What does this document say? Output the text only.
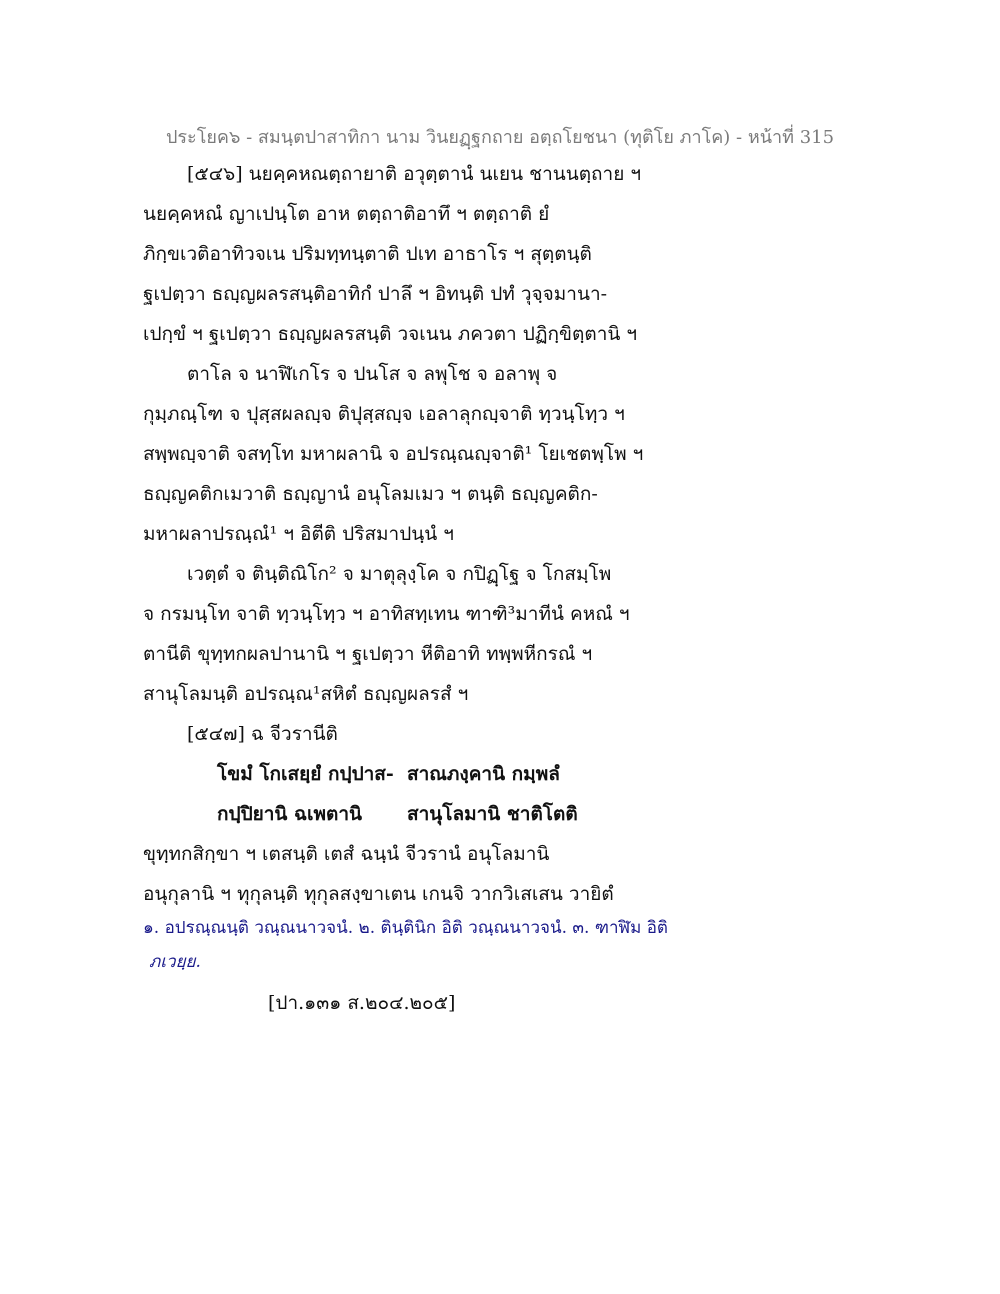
ประโยค๖ - สมนฺตปาสาทิกา นาม วินยฏฺฐกถาย อตฺถโยชนา (ทุติโย ภาโค) - หน้าที่ 315
[๕๔๖] นยคฺคหณตฺถายาติ อวุตฺตานํ นเยน ชานนตฺถาย ฯ
นยคฺคหณํ ญาเปนฺโต อาห ตตฺถาติอาทึ ฯ ตตฺถาติ ยํ
ภิกฺขเวติอาทิวจเน ปริมทฺทนฺตาติ ปเท อาธาโร ฯ สุตฺตนฺติ
ฐเปตฺวา ธญฺญผลรสนฺติอาทิกํ ปาลึ ฯ อิทนฺติ ปทํ วุจฺจมานา-
เปกฺขํ ฯ ฐเปตฺวา ธญฺญผลรสนฺติ วจเนน ภควตา ปฏิกฺขิตฺตานิ ฯ
ตาโล จ นาฬิเกโร จ ปนโส จ ลพุโช จ อลาพุ จ
กุมฺภณฺโฑ จ ปุสฺสผลญฺจ ติปุสฺสญฺจ เอลาลุกญฺจาติ ทฺวนฺโทฺว ฯ
สพฺพญฺจาติ จสทฺโท มหาผลานิ จ อปรณฺณญฺจาติ¹ โยเชตพฺโพ ฯ
ธญฺญคติกเมวาติ ธญฺญานํ อนุโลมเมว ฯ ตนฺติ ธญฺญคติก-
มหาผลาปรณฺณํ¹ ฯ อิตีติ ปริสมาปนฺนํ ฯ
เวตฺตํ จ ตินฺติณิโก² จ มาตุลุงฺโค จ กปิฏฺโฐ จ โกสมฺโพ
จ กรมนฺโท จาติ ทฺวนฺโทฺว ฯ อาทิสทฺเทน ฑาฑิ³มาทีนํ คหณํ ฯ
ตานีติ ขุทฺทกผลปานานิ ฯ ฐเปตฺวา หีติอาทิ ทพฺพหีกรณํ ฯ
สานุโลมนฺติ อปรณฺณ¹สหิตํ ธญฺญผลรสํ ฯ
[๕๔๗] ฉ จีวรานีติ
โขมํ โกเสยฺยํ กปฺปาส- สาณภงฺคานิ กมฺพลํ
กปฺปิยานิ ฉเพตานิ	สานุโลมานิ ชาติโตติ
ขุทฺทกสิกฺขา ฯ เตสนฺติ เตสํ ฉนฺนํ จีวรานํ อนุโลมานิ
อนุกุลานิ ฯ ทุกุลนฺติ ทุกุลสงฺขาเตน เกนจิ วากวิเสเสน วายิตํ
๑. อปรณฺณนฺติ วณฺณนาวจนํ. ๒. ตินฺตินิก อิติ วณฺณนาวจนํ. ๓. ฑาฬิม อิติ
ภเวยฺย.
[ปา.๑๓๑ ส.๒๐๔.๒๐๕]
